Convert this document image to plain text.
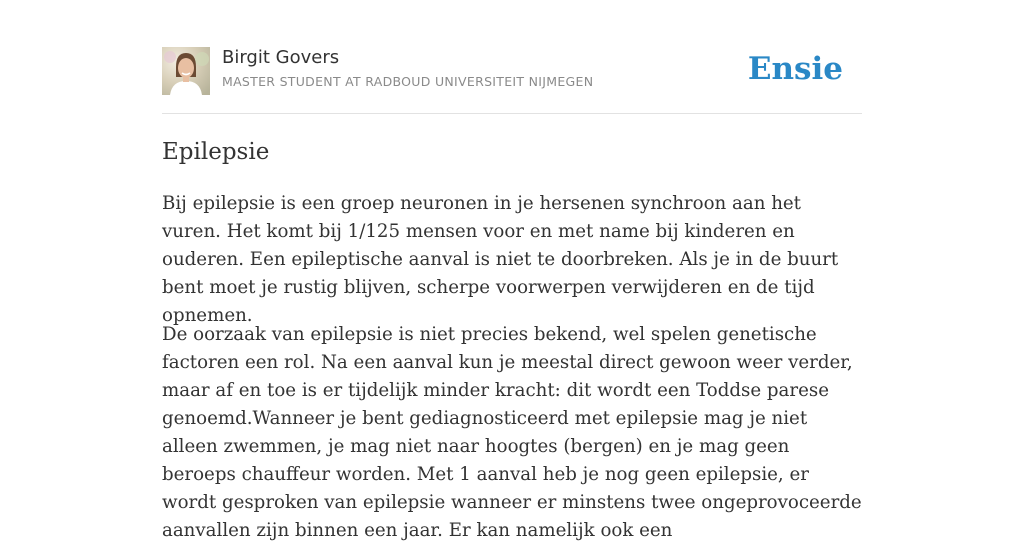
Birgit Govers
MASTER STUDENT AT RADBOUD UNIVERSITEIT NIJMEGEN	Ensie
Epilepsie

Bij epilepsie is een groep neuronen in je hersenen synchroon aan het vuren. Het komt bij 1/125 mensen voor en met name bij kinderen en ouderen. Een epileptische aanval is niet te doorbreken. Als je in de buurt bent moet je rustig blijven, scherpe voorwerpen verwijderen en de tijd opnemen.

De oorzaak van epilepsie is niet precies bekend, wel spelen genetische factoren een rol. Na een aanval kun je meestal direct gewoon weer verder, maar af en toe is er tijdelijk minder kracht: dit wordt een Toddse parese genoemd.Wanneer je bent gediagnosticeerd met epilepsie mag je niet alleen zwemmen, je mag niet naar hoogtes (bergen) en je mag geen beroeps chauffeur worden. Met 1 aanval heb je nog geen epilepsie, er wordt gesproken van epilepsie wanneer er minstens twee ongeprovoceerde aanvallen zijn binnen een jaar. Er kan namelijk ook een
